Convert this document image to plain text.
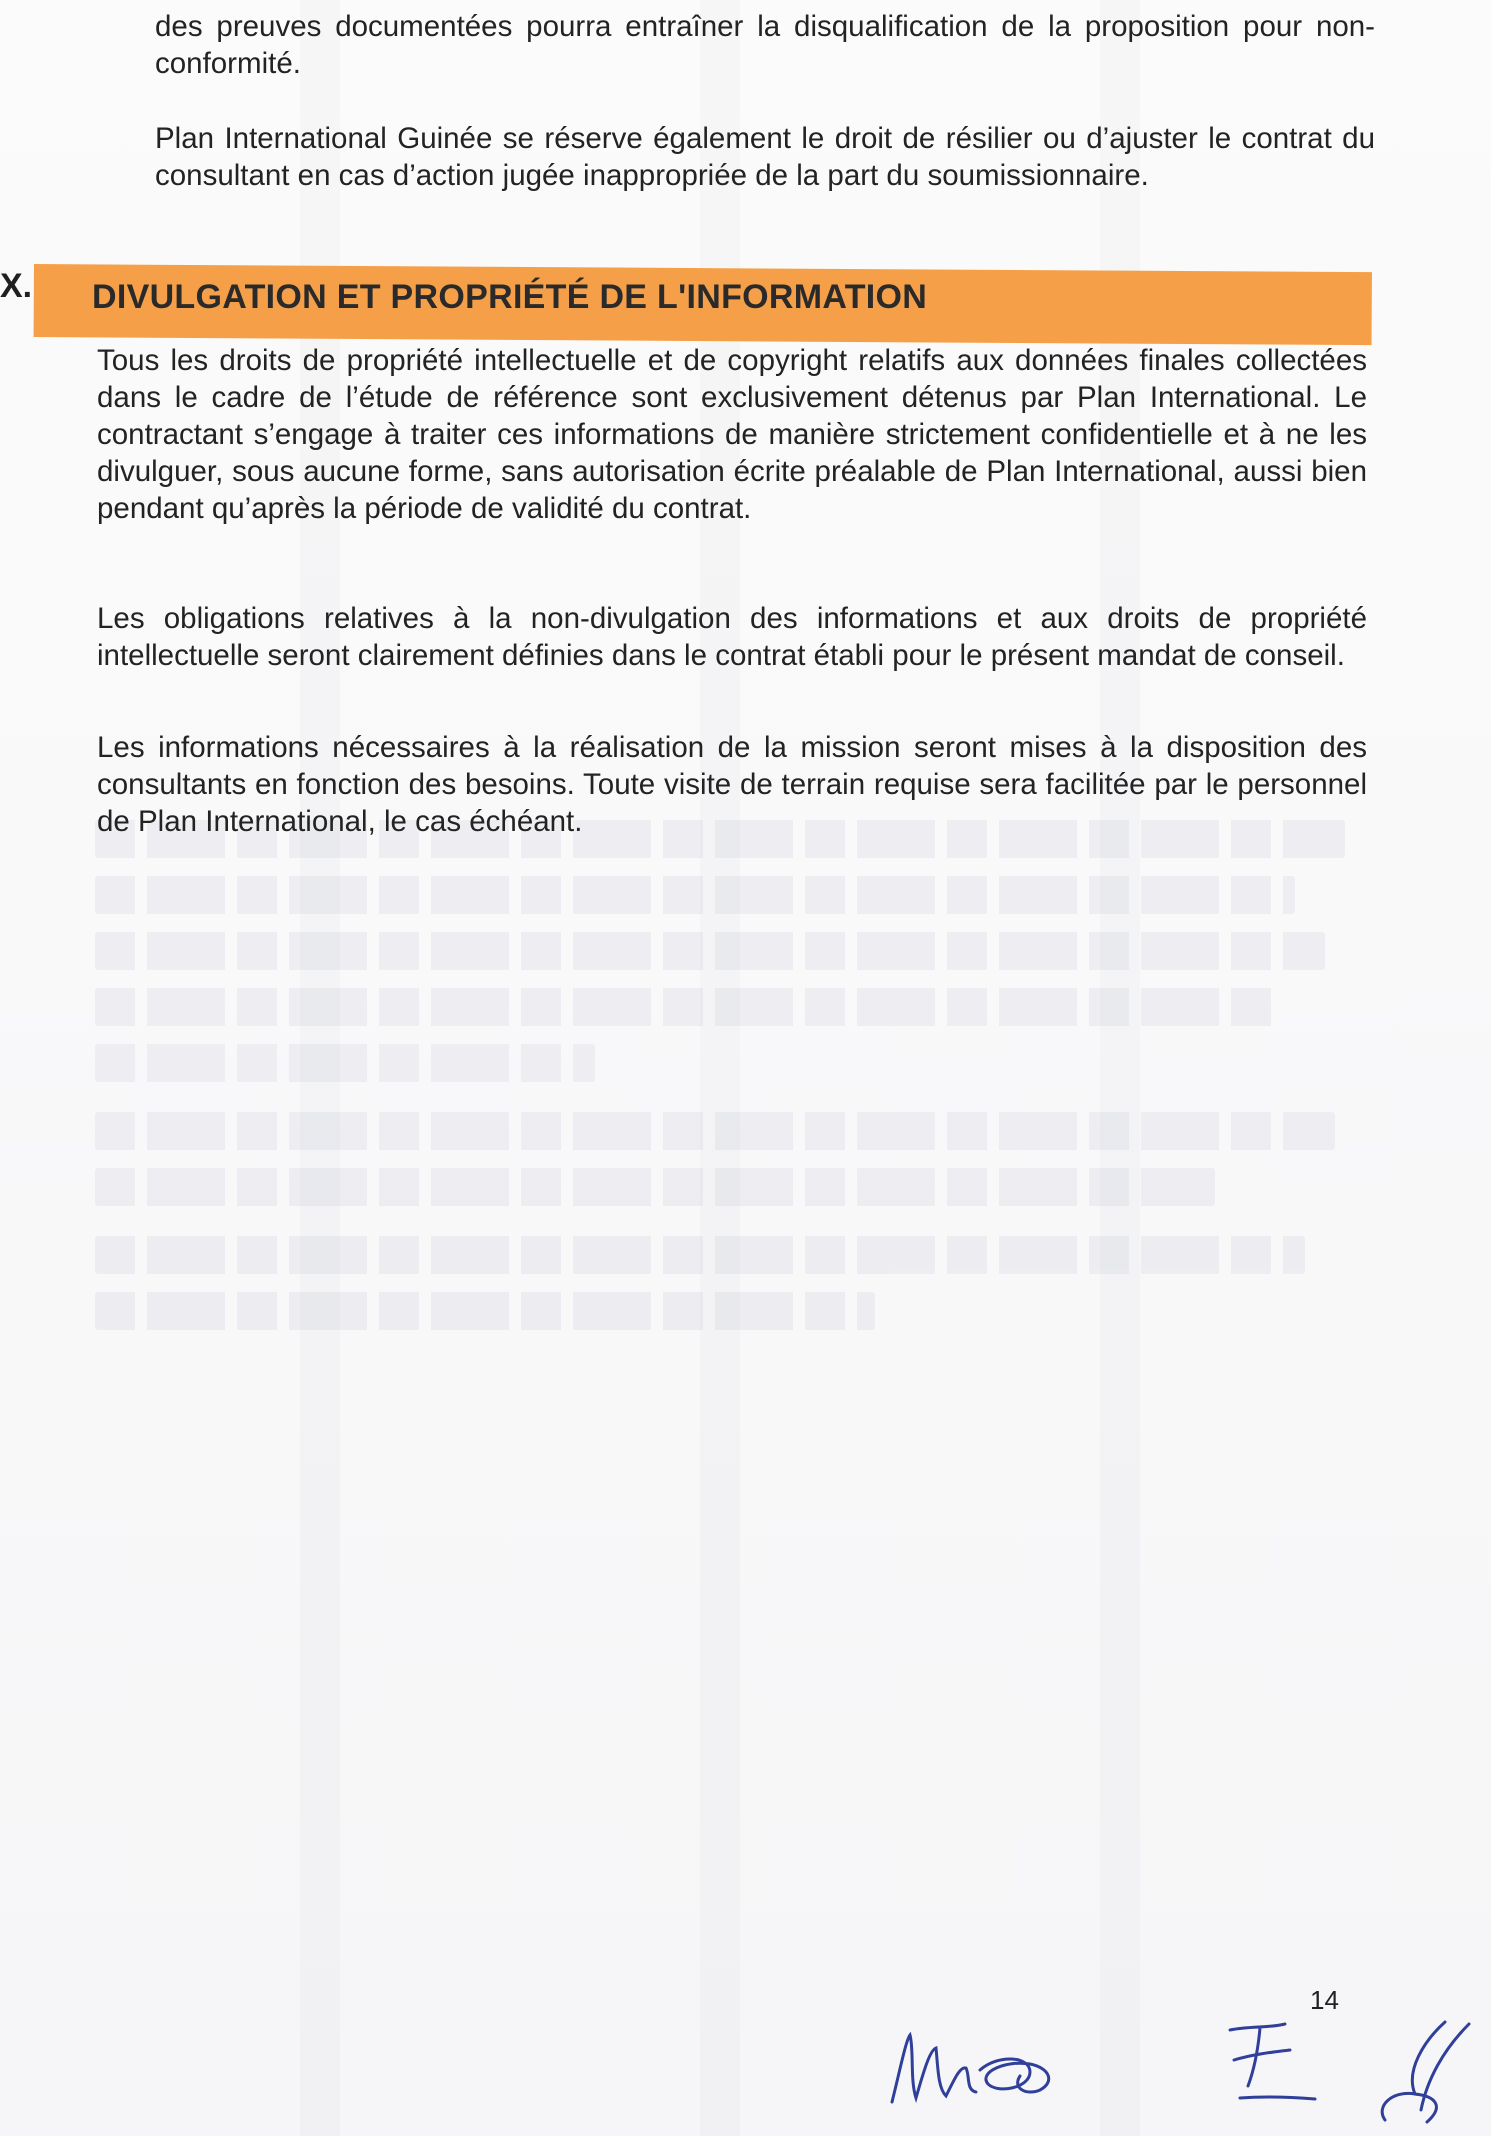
des preuves documentées pourra entraîner la disqualification de la proposition pour non-conformité.

Plan International Guinée se réserve également le droit de résilier ou d’ajuster le contrat du consultant en cas d’action jugée inappropriée de la part du soumissionnaire.

X. DIVULGATION ET PROPRIÉTÉ DE L'INFORMATION

Tous les droits de propriété intellectuelle et de copyright relatifs aux données finales collectées dans le cadre de l’étude de référence sont exclusivement détenus par Plan International. Le contractant s’engage à traiter ces informations de manière strictement confidentielle et à ne les divulguer, sous aucune forme, sans autorisation écrite préalable de Plan International, aussi bien pendant qu’après la période de validité du contrat.

Les obligations relatives à la non-divulgation des informations et aux droits de propriété intellectuelle seront clairement définies dans le contrat établi pour le présent mandat de conseil.

Les informations nécessaires à la réalisation de la mission seront mises à la disposition des consultants en fonction des besoins. Toute visite de terrain requise sera facilitée par le personnel de Plan International, le cas échéant.

14
